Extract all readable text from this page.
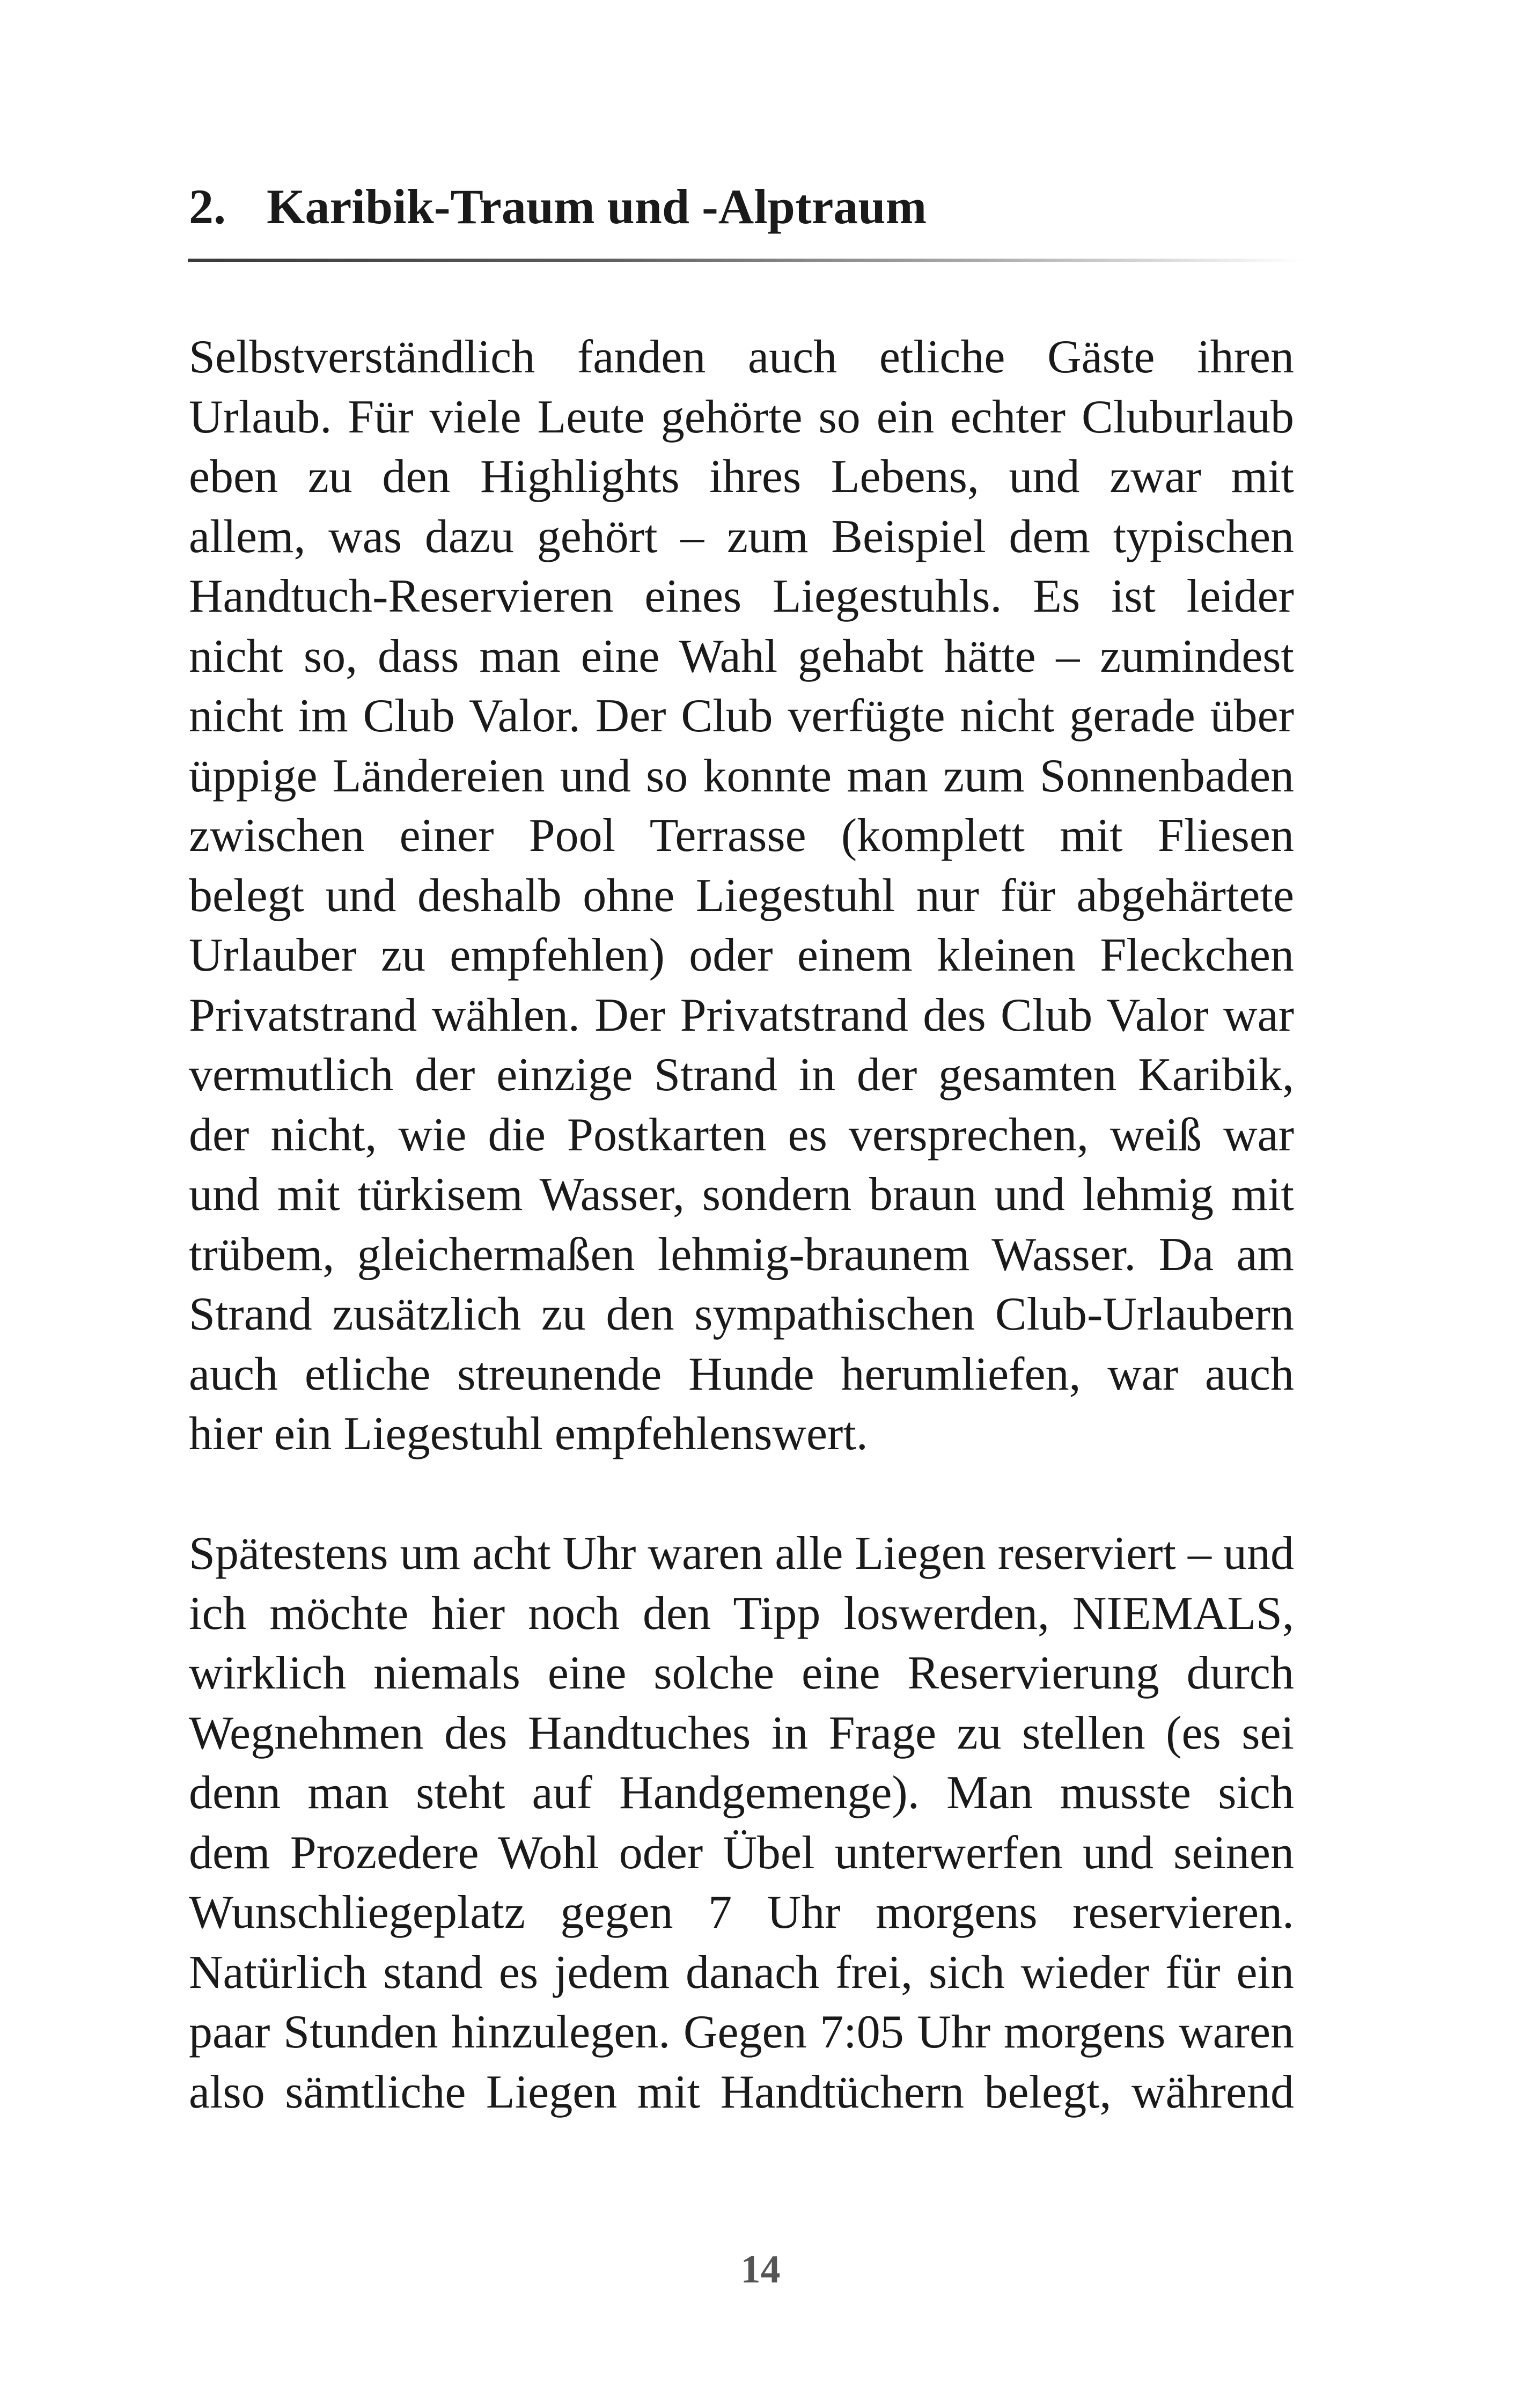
2. Karibik-Traum und -Alptraum
Selbstverständlich fanden auch etliche Gäste ihren
Urlaub. Für viele Leute gehörte so ein echter Cluburlaub
eben zu den Highlights ihres Lebens, und zwar mit
allem, was dazu gehört – zum Beispiel dem typischen
Handtuch-Reservieren eines Liegestuhls. Es ist leider
nicht so, dass man eine Wahl gehabt hätte – zumindest
nicht im Club Valor. Der Club verfügte nicht gerade über
üppige Ländereien und so konnte man zum Sonnenbaden
zwischen einer Pool Terrasse (komplett mit Fliesen
belegt und deshalb ohne Liegestuhl nur für abgehärtete
Urlauber zu empfehlen) oder einem kleinen Fleckchen
Privatstrand wählen. Der Privatstrand des Club Valor war
vermutlich der einzige Strand in der gesamten Karibik,
der nicht, wie die Postkarten es versprechen, weiß war
und mit türkisem Wasser, sondern braun und lehmig mit
trübem, gleichermaßen lehmig-braunem Wasser. Da am
Strand zusätzlich zu den sympathischen Club-Urlaubern
auch etliche streunende Hunde herumliefen, war auch
hier ein Liegestuhl empfehlenswert.
Spätestens um acht Uhr waren alle Liegen reserviert – und
ich möchte hier noch den Tipp loswerden, NIEMALS,
wirklich niemals eine solche eine Reservierung durch
Wegnehmen des Handtuches in Frage zu stellen (es sei
denn man steht auf Handgemenge). Man musste sich
dem Prozedere Wohl oder Übel unterwerfen und seinen
Wunschliegeplatz gegen 7 Uhr morgens reservieren.
Natürlich stand es jedem danach frei, sich wieder für ein
paar Stunden hinzulegen. Gegen 7:05 Uhr morgens waren
also sämtliche Liegen mit Handtüchern belegt, während
14
